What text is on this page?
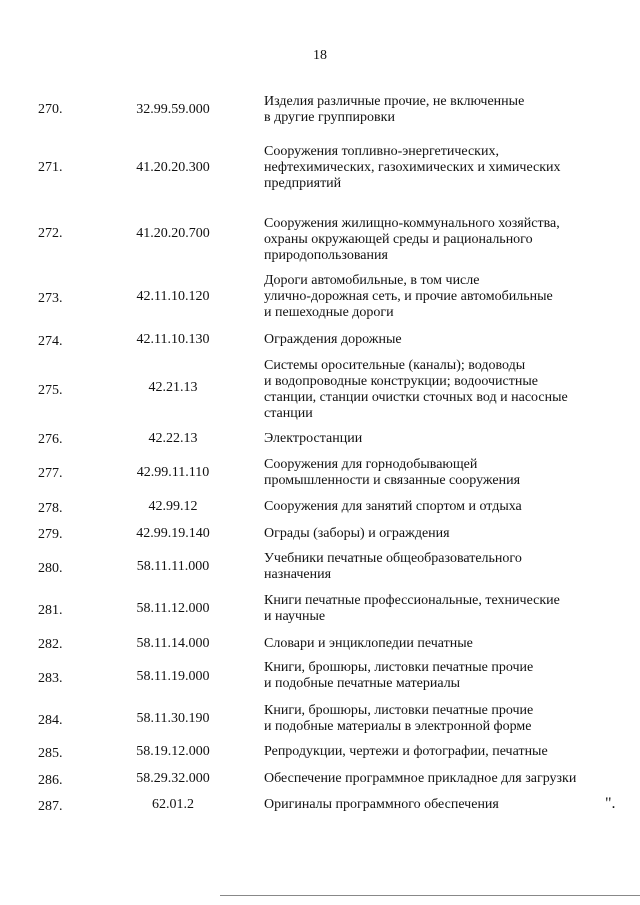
18
270.	32.99.59.000
Изделия различные прочие, не включенные
в другие группировки
271.	41.20.20.300
Сооружения топливно-энергетических,
нефтехимических, газохимических и химических
предприятий
272.	41.20.20.700
Сооружения жилищно-коммунального хозяйства,
охраны окружающей среды и рационального
природопользования
273.	42.11.10.120
Дороги автомобильные, в том числе
улично-дорожная сеть, и прочие автомобильные
и пешеходные дороги
274.	42.11.10.130	Ограждения дорожные
275.	42.21.13
Системы оросительные (каналы); водоводы
и водопроводные конструкции; водоочистные
станции, станции очистки сточных вод и насосные
станции
276.	42.22.13	Электростанции
277.	42.99.11.110
Сооружения для горнодобывающей
промышленности и связанные сооружения
278.	42.99.12	Сооружения для занятий спортом и отдыха
279.	42.99.19.140	Ограды (заборы) и ограждения
280.	58.11.11.000
Учебники печатные общеобразовательного
назначения
281.	58.11.12.000
Книги печатные профессиональные, технические
и научные
282.	58.11.14.000	Словари и энциклопедии печатные
283.	58.11.19.000
Книги, брошюры, листовки печатные прочие
и подобные печатные материалы
284.	58.11.30.190
Книги, брошюры, листовки печатные прочие
и подобные материалы в электронной форме
285.	58.19.12.000	Репродукции, чертежи и фотографии, печатные
286.	58.29.32.000	Обеспечение программное прикладное для загрузки
287.	62.01.2	Оригиналы программного обеспечения	".
